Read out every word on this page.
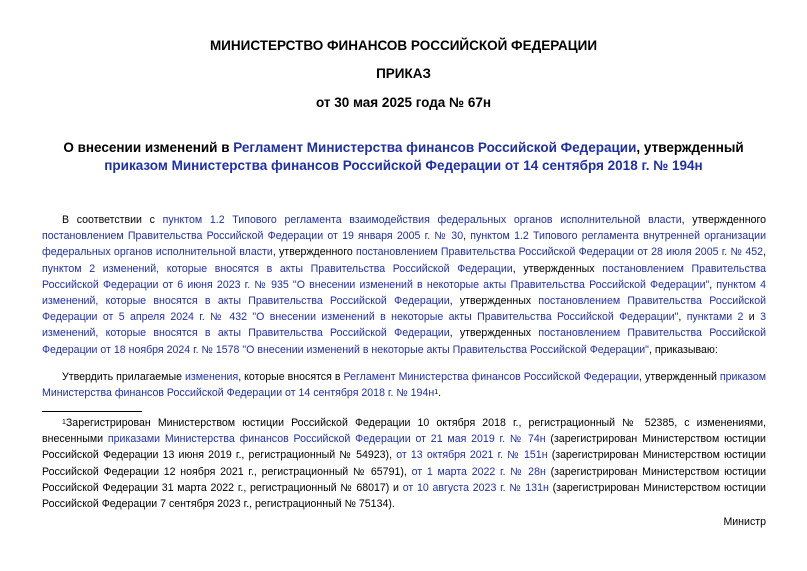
МИНИСТЕРСТВО ФИНАНСОВ РОССИЙСКОЙ ФЕДЕРАЦИИ
ПРИКАЗ
от 30 мая 2025 года № 67н
О внесении изменений в Регламент Министерства финансов Российской Федерации, утвержденный приказом Министерства финансов Российской Федерации от 14 сентября 2018 г. № 194н
В соответствии с пунктом 1.2 Типового регламента взаимодействия федеральных органов исполнительной власти, утвержденного постановлением Правительства Российской Федерации от 19 января 2005 г. № 30, пунктом 1.2 Типового регламента внутренней организации федеральных органов исполнительной власти, утвержденного постановлением Правительства Российской Федерации от 28 июля 2005 г. № 452, пунктом 2 изменений, которые вносятся в акты Правительства Российской Федерации, утвержденных постановлением Правительства Российской Федерации от 6 июня 2023 г. № 935 "О внесении изменений в некоторые акты Правительства Российской Федерации", пунктом 4 изменений, которые вносятся в акты Правительства Российской Федерации, утвержденных постановлением Правительства Российской Федерации от 5 апреля 2024 г. № 432 "О внесении изменений в некоторые акты Правительства Российской Федерации", пунктами 2 и 3 изменений, которые вносятся в акты Правительства Российской Федерации, утвержденных постановлением Правительства Российской Федерации от 18 ноября 2024 г. № 1578 "О внесении изменений в некоторые акты Правительства Российской Федерации", приказываю:
Утвердить прилагаемые изменения, которые вносятся в Регламент Министерства финансов Российской Федерации, утвержденный приказом Министерства финансов Российской Федерации от 14 сентября 2018 г. № $194н^1$.
$^1$Зарегистрирован Министерством юстиции Российской Федерации 10 октября 2018 г., регистрационный № 52385, с изменениями, внесенными приказами Министерства финансов Российской Федерации от 21 мая 2019 г. № 74н (зарегистрирован Министерством юстиции Российской Федерации 13 июня 2019 г., регистрационный № 54923), от 13 октября 2021 г. № 151н (зарегистрирован Министерством юстиции Российской Федерации 12 ноября 2021 г., регистрационный № 65791), от 1 марта 2022 г. № 28н (зарегистрирован Министерством юстиции Российской Федерации 31 марта 2022 г., регистрационный № 68017) и от 10 августа 2023 г. № 131н (зарегистрирован Министерством юстиции Российской Федерации 7 сентября 2023 г., регистрационный № 75134).
Министр
